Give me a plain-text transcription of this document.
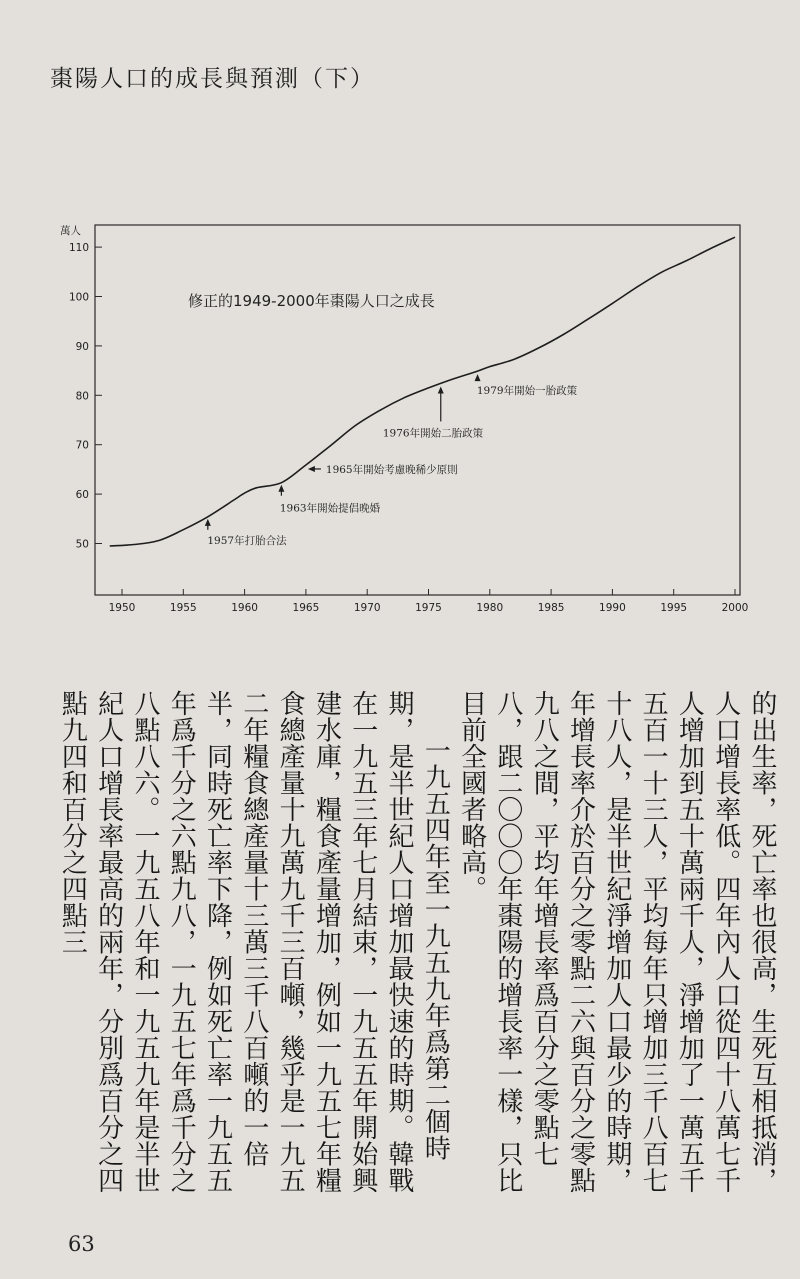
棗陽人口的成長與預測（下）
50
60
70
80
90
100
110
1950	1955	1960	1965	1970	1975	1980	1985	1990	1995	2000
萬人
修正的1949-2000年棗陽人口之成長
1957年打胎合法
1963年開始提倡晚婚
1965年開始考慮晚稀少原則
1976年開始二胎政策
1979年開始一胎政策

的出生率，死亡率也很高，生死互相抵消，人口增長率低。四年內人口從四十八萬七千人增加到五十萬兩千人，淨增加了一萬五千五百一十三人，平均每年只增加三千八百七十八人，是半世紀淨增加人口最少的時期，年增長率介於百分之零點二六與百分之零點九八之間，平均年增長率爲百分之零點七八，跟二〇〇〇年棗陽的增長率一樣，只比目前全國者略高。

一九五四年至一九五九年爲第二個時期，是半世紀人口增加最快速的時期。韓戰在一九五三年七月結束，一九五五年開始興建水庫，糧食產量增加，例如一九五七年糧食總產量十九萬九千三百噸，幾乎是一九五二年糧食總產量十三萬三千八百噸的一倍半，同時死亡率下降，例如死亡率一九五五年爲千分之六點九八，一九五七年爲千分之八點八六。一九五八年和一九五九年是半世紀人口增長率最高的兩年，分別爲百分之四點九四和百分之四點三

63
